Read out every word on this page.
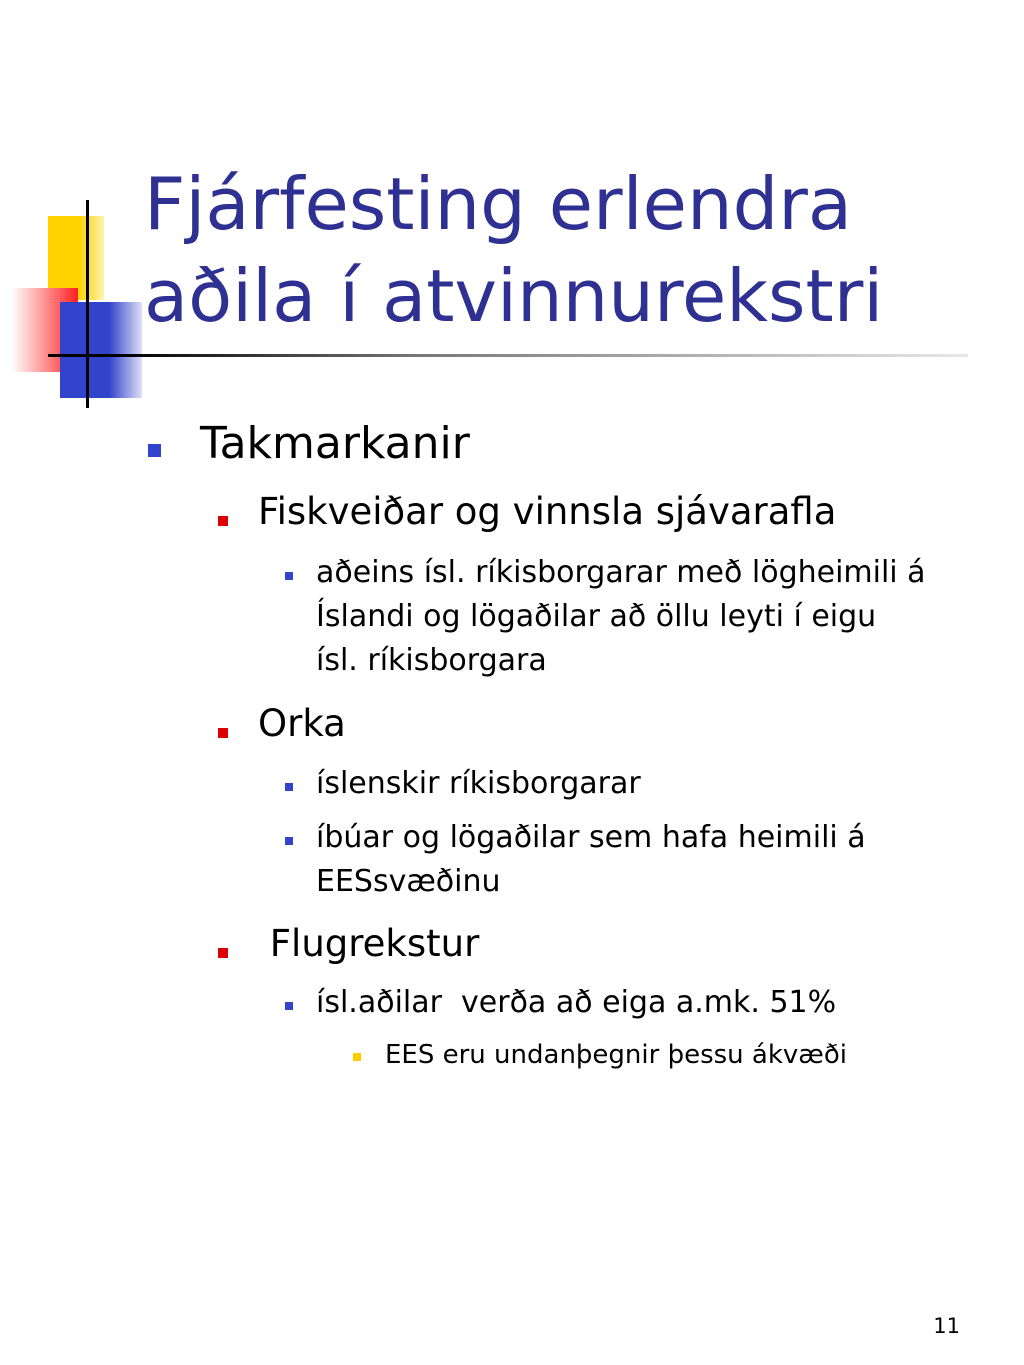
Fjárfesting erlendra
aðila í atvinnurekstri
Takmarkanir
Fiskveiðar og vinnsla sjávarafla
aðeins ísl. ríkisborgarar með lögheimili á
Íslandi og lögaðilar að öllu leyti í eigu
ísl. ríkisborgara
Orka
íslenskir ríkisborgarar
íbúar og lögaðilar sem hafa heimili á
EESsvæðinu
Flugrekstur
ísl.aðilar  verða að eiga a.mk. 51%
EES eru undanþegnir þessu ákvæði
11
